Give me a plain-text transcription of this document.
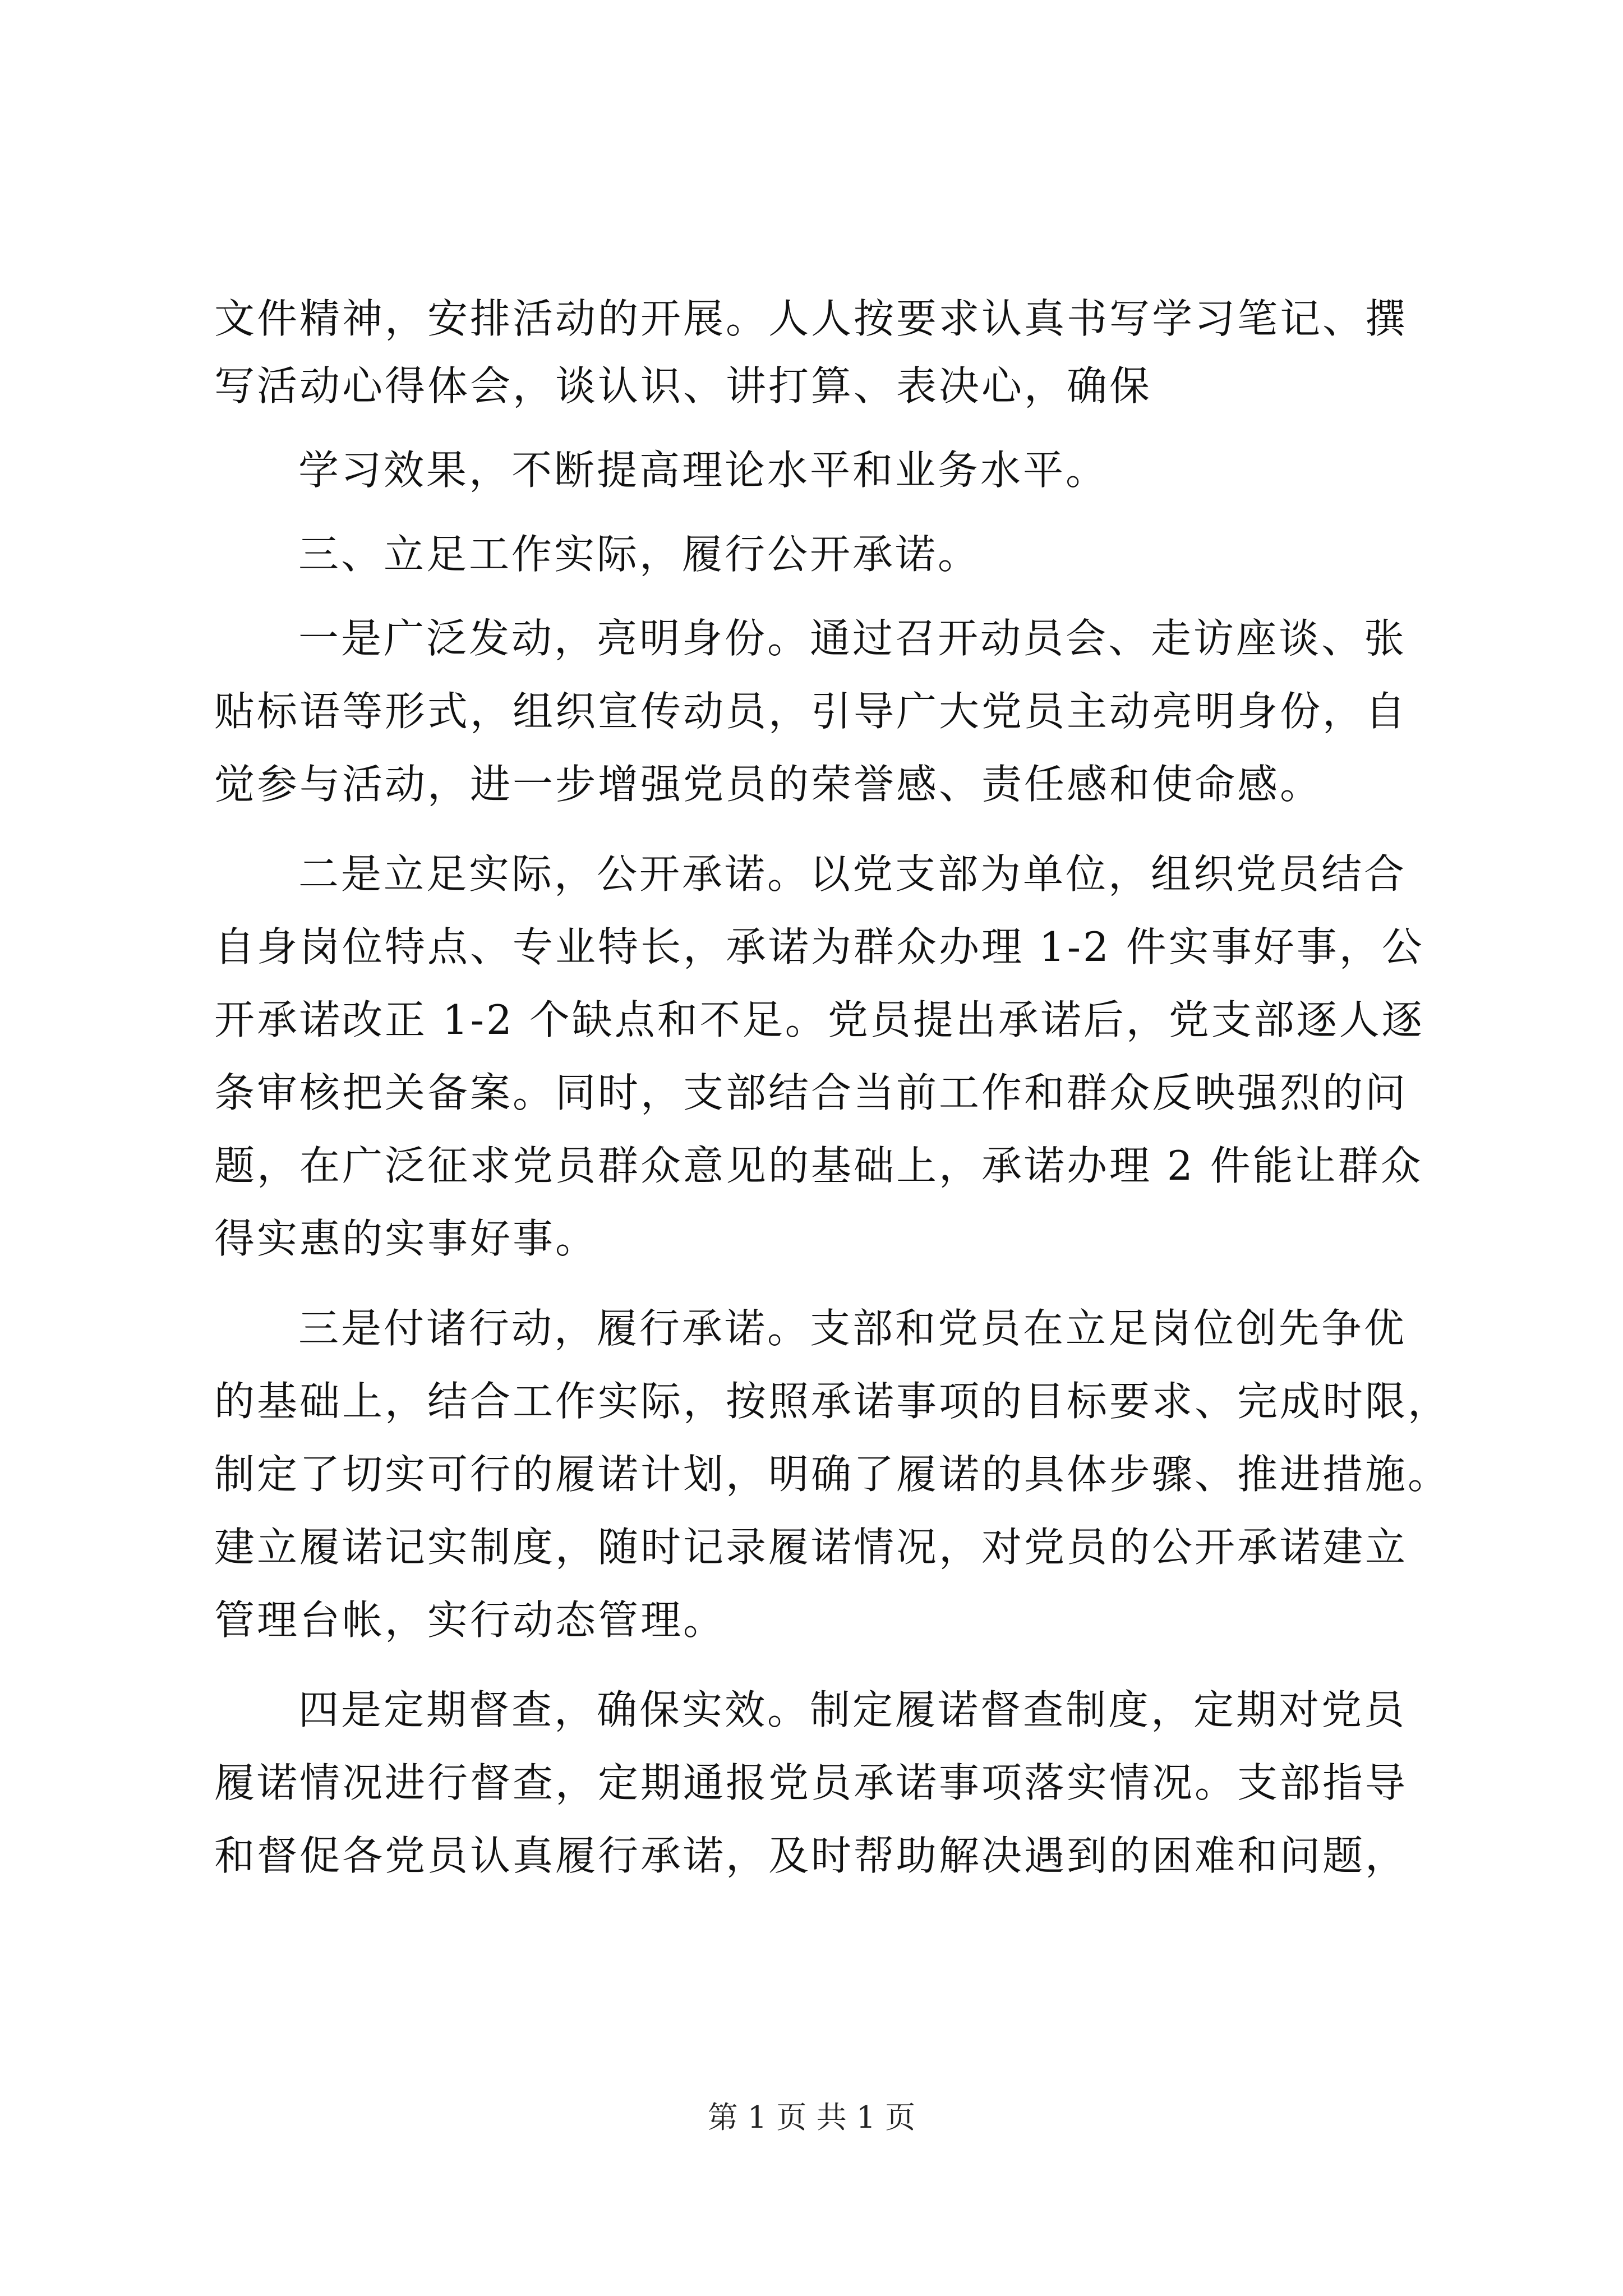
文件精神，安排活动的开展。人人按要求认真书写学习笔记、撰
写活动心得体会，谈认识、讲打算、表决心，确保
学习效果，不断提高理论水平和业务水平。
三、立足工作实际，履行公开承诺。
一是广泛发动，亮明身份。通过召开动员会、走访座谈、张
贴标语等形式，组织宣传动员，引导广大党员主动亮明身份，自
觉参与活动，进一步增强党员的荣誉感、责任感和使命感。
二是立足实际，公开承诺。以党支部为单位，组织党员结合
自身岗位特点、专业特长，承诺为群众办理 1-2 件实事好事，公
开承诺改正 1-2 个缺点和不足。党员提出承诺后，党支部逐人逐
条审核把关备案。同时，支部结合当前工作和群众反映强烈的问
题，在广泛征求党员群众意见的基础上，承诺办理 2 件能让群众
得实惠的实事好事。
三是付诸行动，履行承诺。支部和党员在立足岗位创先争优
的基础上，结合工作实际，按照承诺事项的目标要求、完成时限，
制定了切实可行的履诺计划，明确了履诺的具体步骤、推进措施。
建立履诺记实制度，随时记录履诺情况，对党员的公开承诺建立
管理台帐，实行动态管理。
四是定期督查，确保实效。制定履诺督查制度，定期对党员
履诺情况进行督查，定期通报党员承诺事项落实情况。支部指导
和督促各党员认真履行承诺，及时帮助解决遇到的困难和问题，
第 1 页 共 1 页
